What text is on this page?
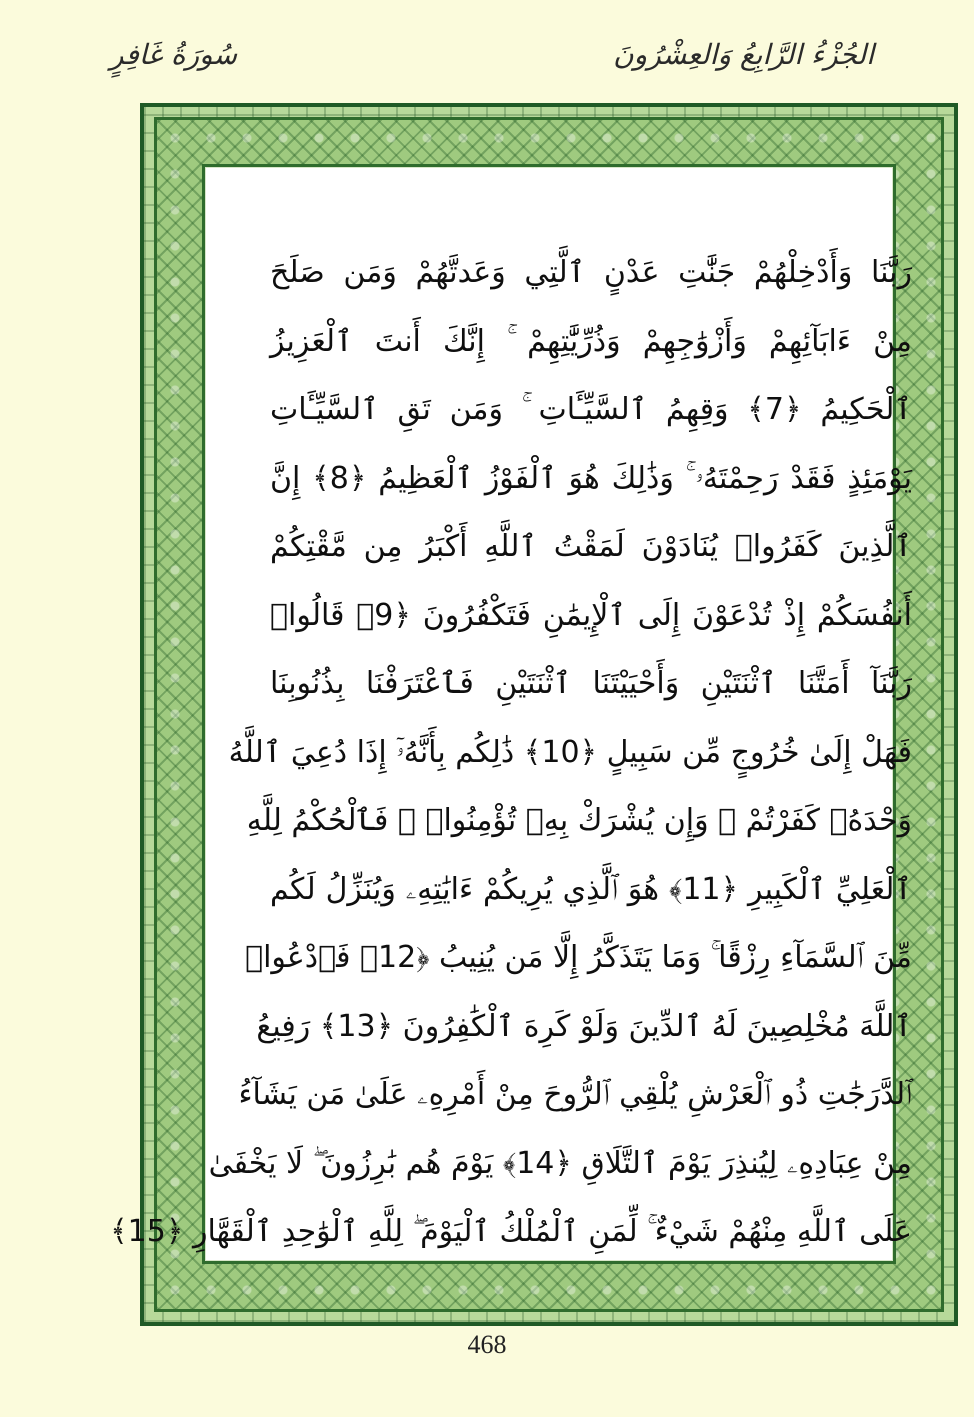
سُورَةُ غَافِرٍ	الجُزْءُ الرَّابِعُ وَالعِشْرُونَ
رَبَّنَا وَأَدْخِلْهُمْ جَنَّٰتِ عَدْنٍ ٱلَّتِي وَعَدتَّهُمْ وَمَن صَلَحَ
مِنْ ءَابَآئِهِمْ وَأَزْوَٰجِهِمْ وَذُرِّيَّٰتِهِمْ ۚ إِنَّكَ أَنتَ ٱلْعَزِيزُ
ٱلْحَكِيمُ ﴿7﴾ وَقِهِمُ ٱلسَّيِّـَٔاتِ ۚ وَمَن تَقِ ٱلسَّيِّـَٔاتِ
يَوْمَئِذٍ فَقَدْ رَحِمْتَهُۥ ۚ وَذَٰلِكَ هُوَ ٱلْفَوْزُ ٱلْعَظِيمُ ﴿8﴾ إِنَّ
ٱلَّذِينَ كَفَرُوا۟ يُنَادَوْنَ لَمَقْتُ ٱللَّهِ أَكْبَرُ مِن مَّقْتِكُمْ
أَنفُسَكُمْ إِذْ تُدْعَوْنَ إِلَى ٱلْإِيمَٰنِ فَتَكْفُرُونَ ﴿9﴾ قَالُوا۟
رَبَّنَآ أَمَتَّنَا ٱثْنَتَيْنِ وَأَحْيَيْتَنَا ٱثْنَتَيْنِ فَٱعْتَرَفْنَا بِذُنُوبِنَا
فَهَلْ إِلَىٰ خُرُوجٍ مِّن سَبِيلٍ ﴿10﴾ ذَٰلِكُم بِأَنَّهُۥٓ إِذَا دُعِيَ ٱللَّهُ
وَحْدَهُۥ كَفَرْتُمْ ۖ وَإِن يُشْرَكْ بِهِۦ تُؤْمِنُوا۟ ۚ فَٱلْحُكْمُ لِلَّهِ
ٱلْعَلِيِّ ٱلْكَبِيرِ ﴿11﴾ هُوَ ٱلَّذِي يُرِيكُمْ ءَايَٰتِهِۦ وَيُنَزِّلُ لَكُم
مِّنَ ٱلسَّمَآءِ رِزْقًا ۚ وَمَا يَتَذَكَّرُ إِلَّا مَن يُنِيبُ ﴿12﴾ فَٱدْعُوا۟
ٱللَّهَ مُخْلِصِينَ لَهُ ٱلدِّينَ وَلَوْ كَرِهَ ٱلْكَٰفِرُونَ ﴿13﴾ رَفِيعُ
ٱلدَّرَجَٰتِ ذُو ٱلْعَرْشِ يُلْقِي ٱلرُّوحَ مِنْ أَمْرِهِۦ عَلَىٰ مَن يَشَآءُ
مِنْ عِبَادِهِۦ لِيُنذِرَ يَوْمَ ٱلتَّلَاقِ ﴿14﴾ يَوْمَ هُم بَٰرِزُونَ ۖ لَا يَخْفَىٰ
عَلَى ٱللَّهِ مِنْهُمْ شَيْءٌ ۚ لِّمَنِ ٱلْمُلْكُ ٱلْيَوْمَ ۖ لِلَّهِ ٱلْوَٰحِدِ ٱلْقَهَّارِ ﴿15﴾
468
